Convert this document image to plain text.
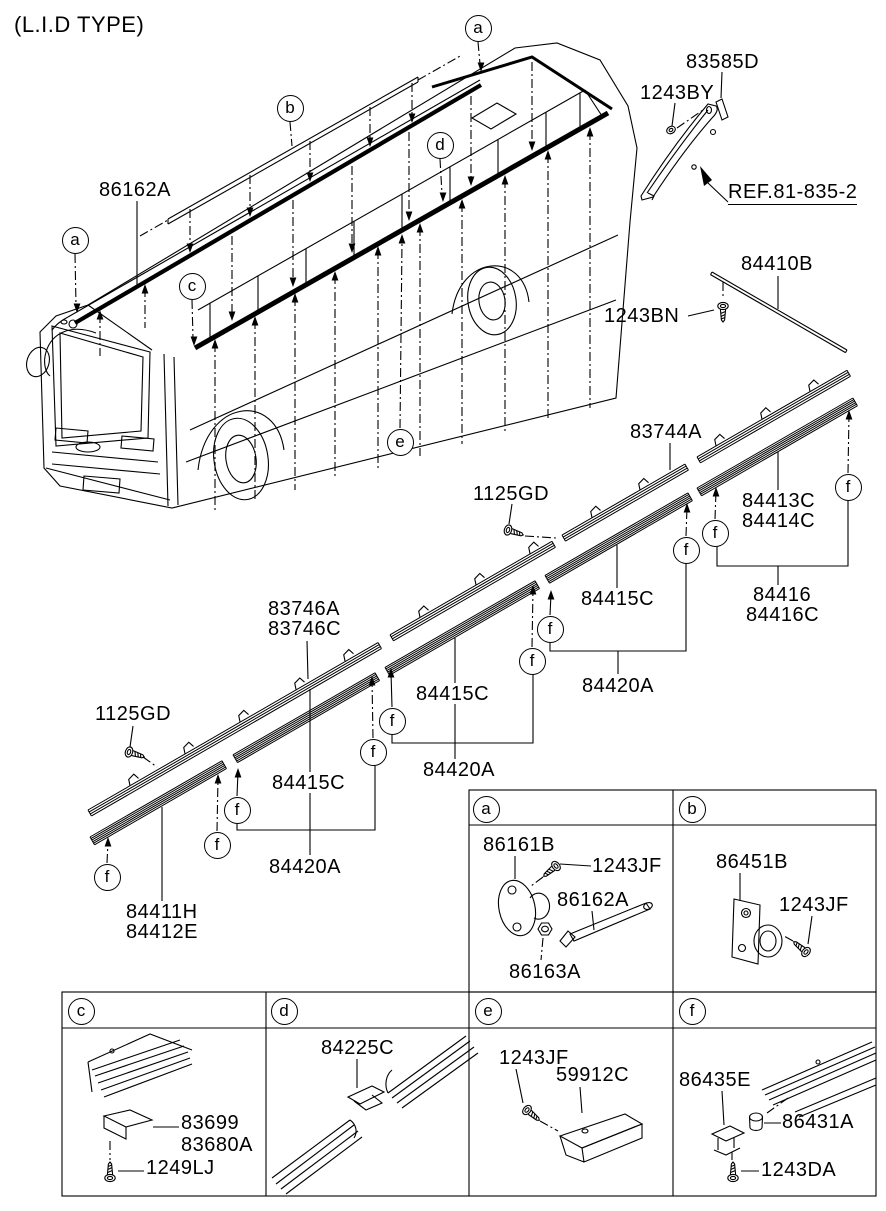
(L.I.D TYPE)
86162A
83585D
1243BY
REF.81-835-2
84410B
1243BN
83744A
1125GD	84413C
84414C
84416
84416C
84415C
84420A
83746A
83746C
84415C
84420A
1125GD
84415C
84420A
84411H
84412E
86161B
1243JF
86162A
86163A
86451B
1243JF
83699
83680A
1249LJ
84225C	1243JF
59912C 86435E
86431A
1243DA
a
b
d
a
c
e
f
f
f
f
f
f
f
f
f
f
a	b
c	d	e	f
